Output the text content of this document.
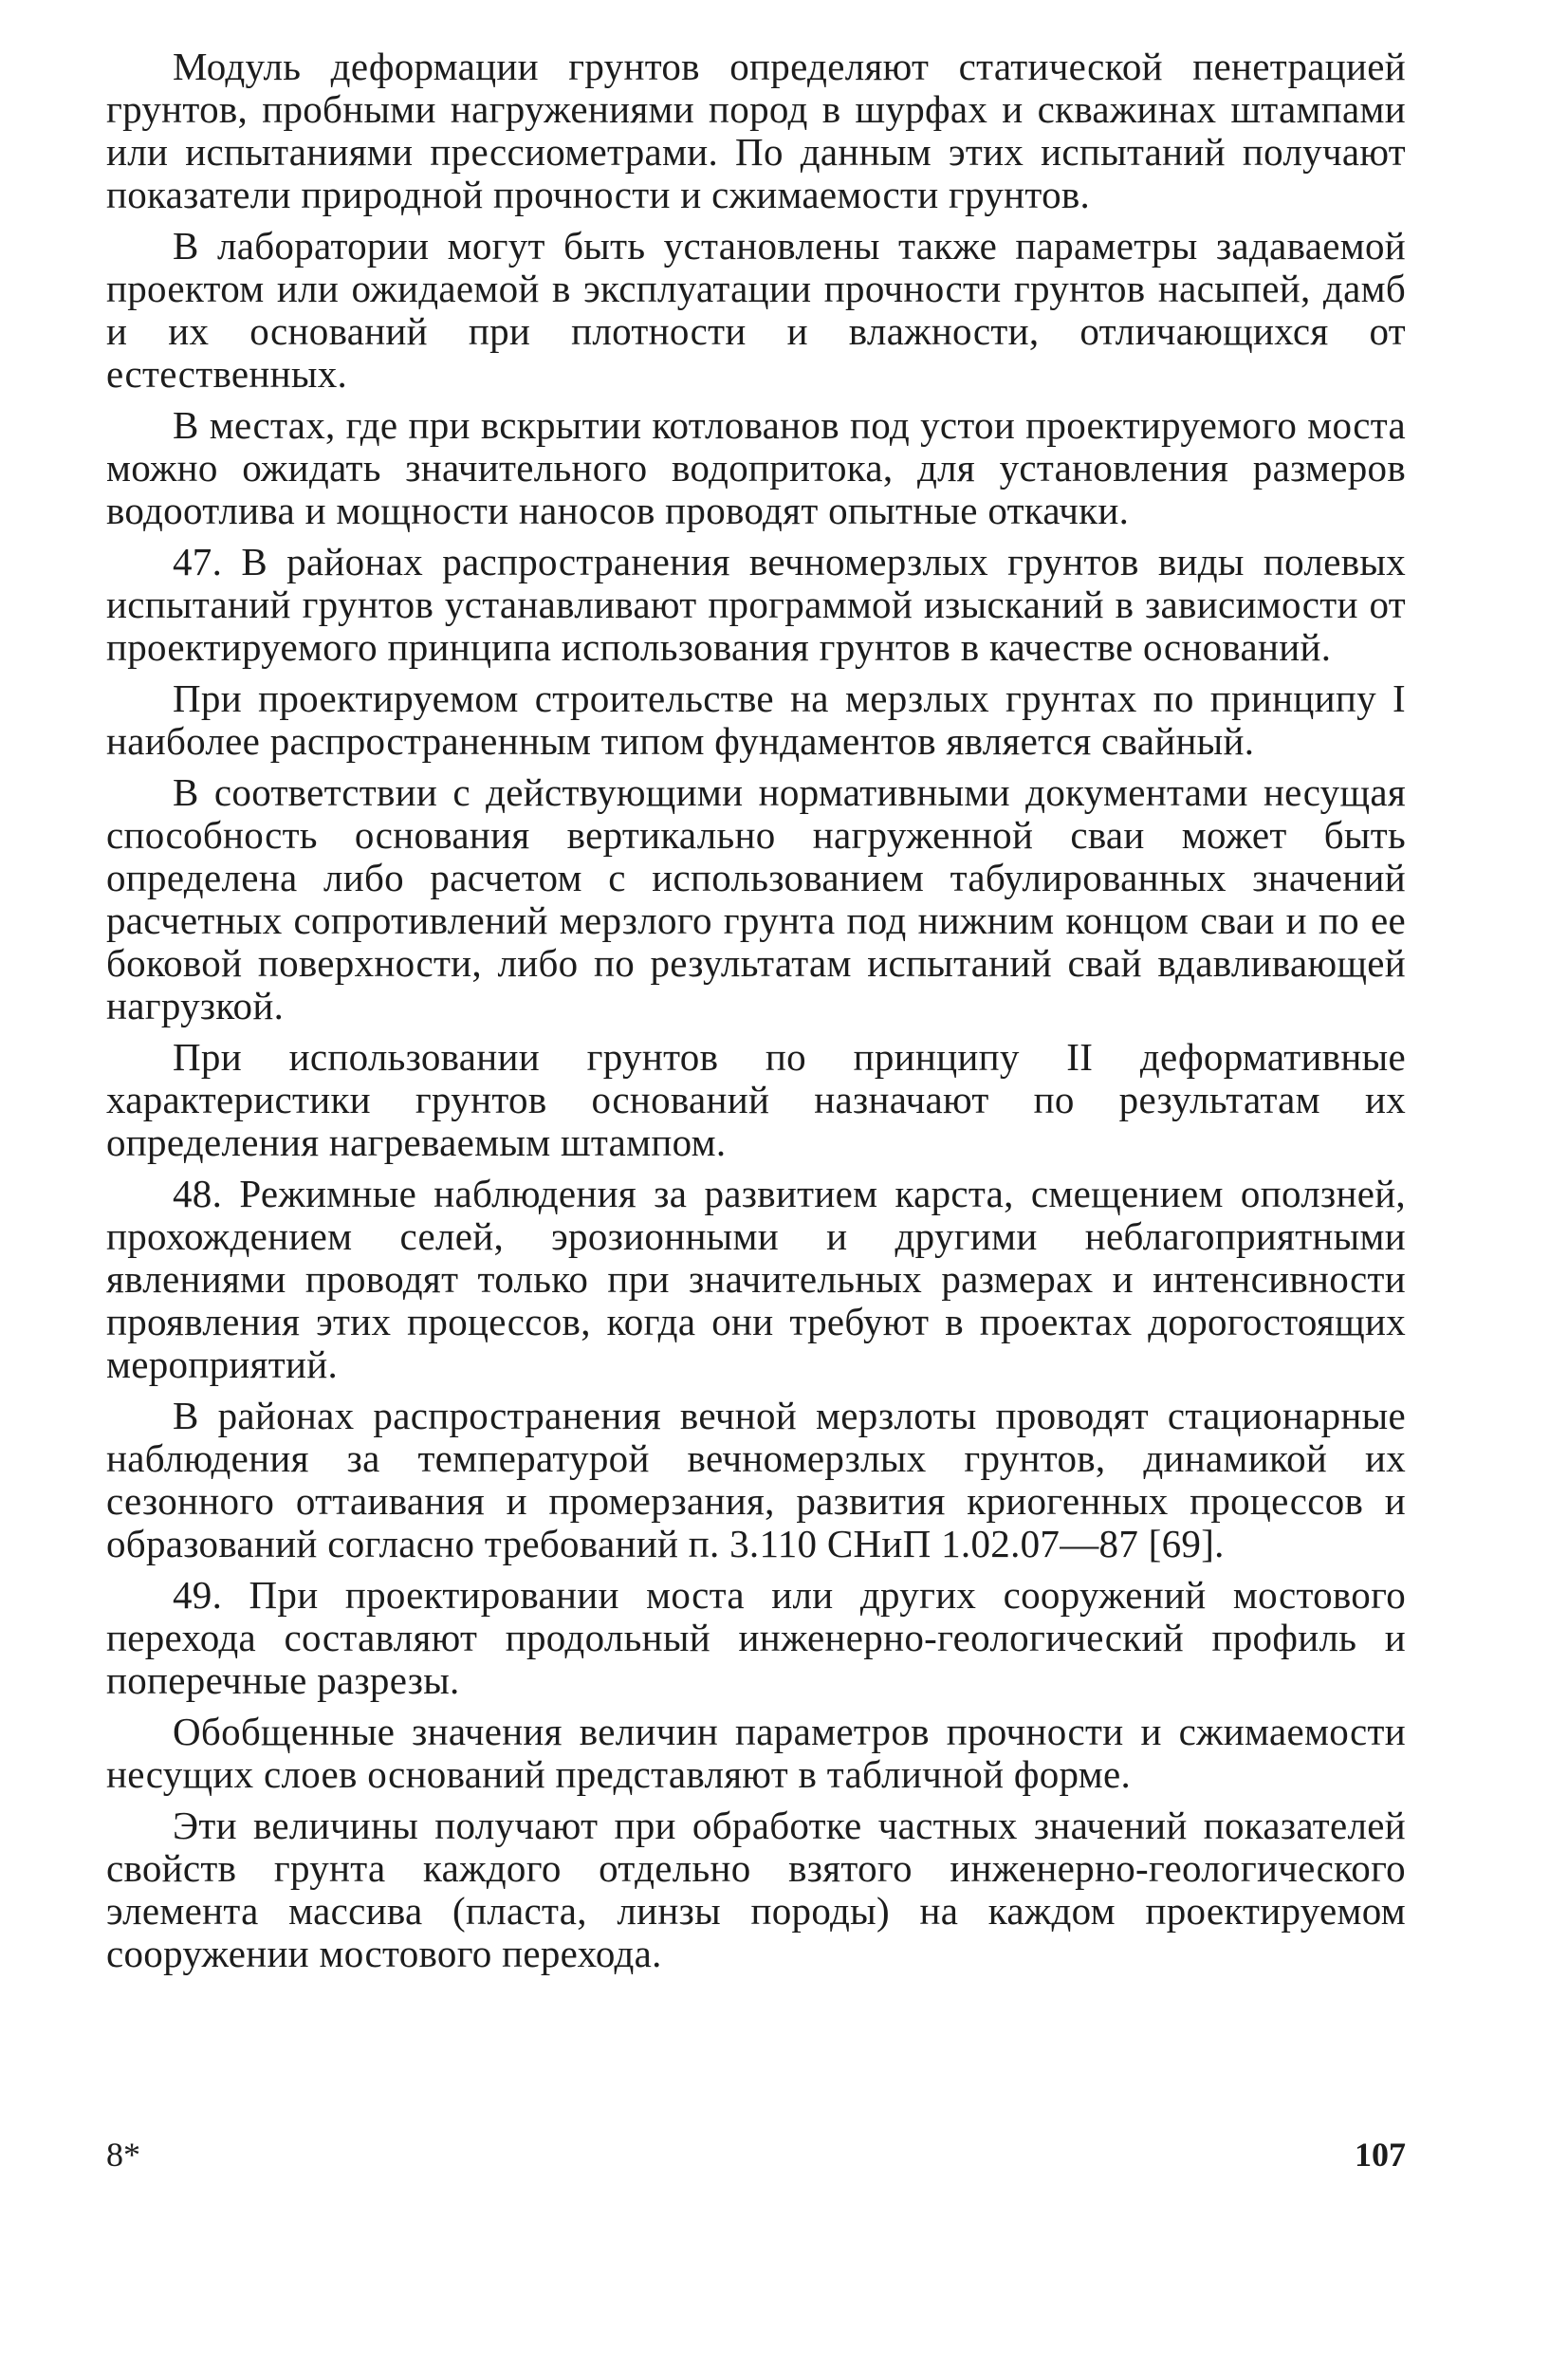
Модуль деформации грунтов определяют статической пенетрацией грунтов, пробными нагружениями пород в шурфах и скважинах штампами или испытаниями прессиометрами. По данным этих испытаний получают показатели природной прочности и сжимаемости грунтов.

В лаборатории могут быть установлены также параметры задаваемой проектом или ожидаемой в эксплуатации прочности грунтов насыпей, дамб и их оснований при плотности и влажности, отличающихся от естественных.

В местах, где при вскрытии котлованов под устои проектируемого моста можно ожидать значительного водопритока, для установления размеров водоотлива и мощности наносов проводят опытные откачки.

47. В районах распространения вечномерзлых грунтов виды полевых испытаний грунтов устанавливают программой изысканий в зависимости от проектируемого принципа использования грунтов в качестве оснований.

При проектируемом строительстве на мерзлых грунтах по принципу I наиболее распространенным типом фундаментов является свайный.

В соответствии с действующими нормативными документами несущая способность основания вертикально нагруженной сваи может быть определена либо расчетом с использованием табулированных значений расчетных сопротивлений мерзлого грунта под нижним концом сваи и по ее боковой поверхности, либо по результатам испытаний свай вдавливающей нагрузкой.

При использовании грунтов по принципу II деформативные характеристики грунтов оснований назначают по результатам их определения нагреваемым штампом.

48. Режимные наблюдения за развитием карста, смещением оползней, прохождением селей, эрозионными и другими неблагоприятными явлениями проводят только при значительных размерах и интенсивности проявления этих процессов, когда они требуют в проектах дорогостоящих мероприятий.

В районах распространения вечной мерзлоты проводят стационарные наблюдения за температурой вечномерзлых грунтов, динамикой их сезонного оттаивания и промерзания, развития криогенных процессов и образований согласно требований п. 3.110 СНиП 1.02.07—87 [69].

49. При проектировании моста или других сооружений мостового перехода составляют продольный инженерно-геологический профиль и поперечные разрезы.

Обобщенные значения величин параметров прочности и сжимаемости несущих слоев оснований представляют в табличной форме.

Эти величины получают при обработке частных значений показателей свойств грунта каждого отдельно взятого инженерно-геологического элемента массива (пласта, линзы породы) на каждом проектируемом сооружении мостового перехода.

8*	107
